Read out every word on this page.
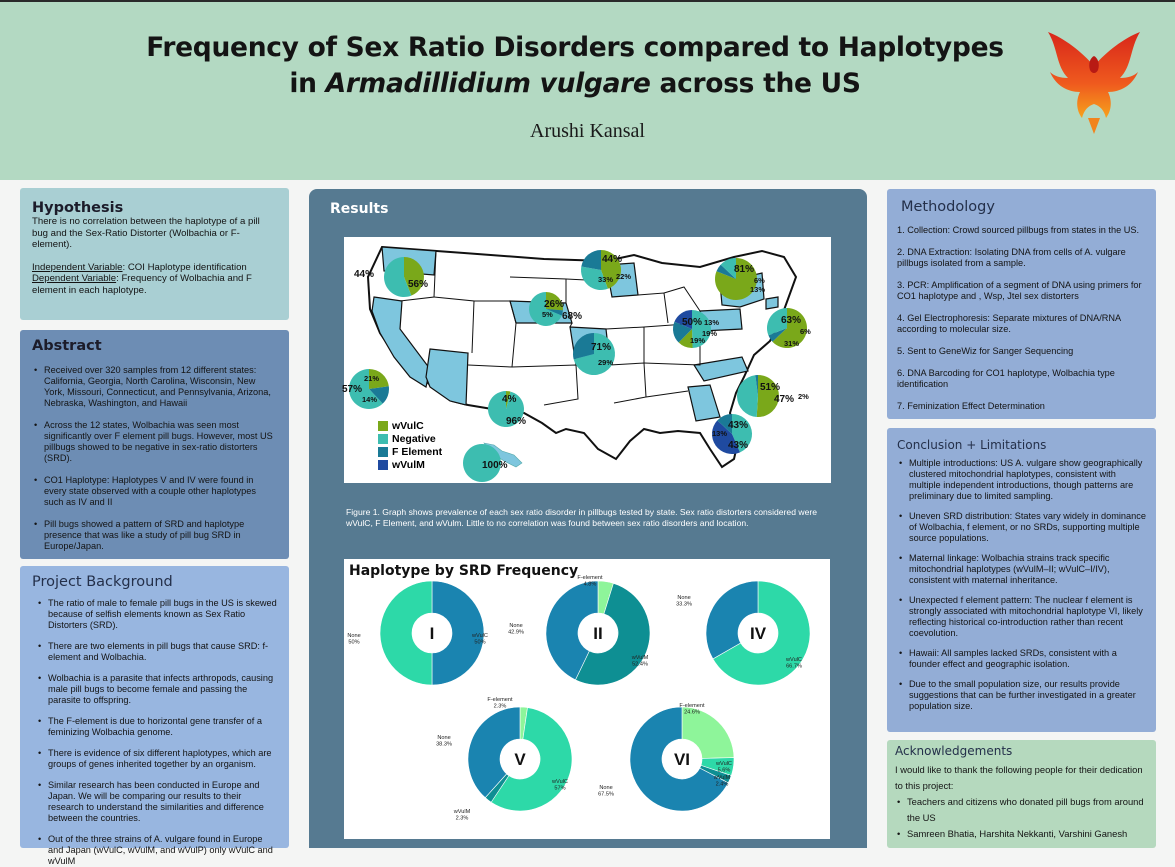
Frequency of Sex Ratio Disorders compared to Haplotypes
in Armadillidium vulgare across the US
Arushi Kansal
Hypothesis
There is no correlation between the haplotype of a pill bug and the Sex-Ratio Distorter (Wolbachia or F-element).
Independent Variable: COI Haplotype identification
Dependent Variable: Frequency of Wolbachia and F element in each haplotype.
Abstract
• Received over 320 samples from 12 different states: California, Georgia, North Carolina, Wisconsin, New York, Missouri, Connecticut, and Pennsylvania, Arizona, Nebraska, Washington, and Hawaii
• Across the 12 states, Wolbachia was seen most significantly over F element pill bugs. However, most US pillbugs showed to be negative in sex-ratio distorters (SRD).
• CO1 Haplotype: Haplotypes V and IV were found in every state observed with a couple other haplotypes such as IV and II
• Pill bugs showed a pattern of SRD and haplotype presence that was like a study of pill bug SRD in Europe/Japan.
Project Background
• The ratio of male to female pill bugs in the US is skewed because of selfish elements known as Sex Ratio Distorters (SRD).
• There are two elements in pill bugs that cause SRD: f-element and Wolbachia.
• Wolbachia is a parasite that infects arthropods, causing male pill bugs to become female and passing the parasite to offspring.
• The F-element is due to horizontal gene transfer of a feminizing Wolbachia genome.
• There is evidence of six different haplotypes, which are groups of genes inherited together by an organism.
• Similar research has been conducted in Europe and Japan. We will be comparing our results to their research to understand the similarities and difference between the countries.
• Out of the three strains of A. vulgare found in Europe and Japan (wVulC, wVulM, and wVulP) only wVulC and wVulM
Results
44%
56%
44%
33% 22%
81%
6%
13%
26%
5% 68%
50% 13%
19%
19%
63%
6%
31%
71%
29%
57%
21%
14%	4%
96%
51%
47% 2%
43%
43%
13%
100%
wVulC
Negative
F Element
wVulM
Figure 1. Graph shows prevalence of each sex ratio disorder in pillbugs tested by state. Sex ratio distorters considered were wVulC, F Element, and wVulm. Little to no correlation was found between sex ratio disorders and location.
Haplotype by SRD Frequency
I
None 50%
wVulC 50%	II
F-element 4.8%
wVulM 52.4%
None 42.9%	IV
wVulC 66.7%
None 33.3%
V
F-element 2.3%
wVulC 57%
wVulM 2.3%
None 38.3%
VI
F-element 24.6%
wVulC 5.6%
wVulM 2.4%
None 67.5%
Methodology
1. Collection: Crowd sourced pillbugs from states in the US.
2. DNA Extraction: Isolating DNA from cells of A. vulgare pillbugs isolated from a sample.
3. PCR: Amplification of a segment of DNA using primers for CO1 haplotype and , Wsp, Jtel sex distorters
4. Gel Electrophoresis: Separate mixtures of DNA/RNA according to molecular size.
5. Sent to GeneWiz for Sanger Sequencing
6. DNA Barcoding for CO1 haplotype, Wolbachia type identification
7. Feminization Effect Determination
Conclusion + Limitations
• Multiple introductions: US A. vulgare show geographically clustered mitochondrial haplotypes, consistent with multiple independent introductions, though patterns are preliminary due to limited sampling.
• Uneven SRD distribution: States vary widely in dominance of Wolbachia, f element, or no SRDs, supporting multiple source populations.
• Maternal linkage: Wolbachia strains track specific mitochondrial haplotypes (wVulM–II; wVulC–I/IV), consistent with maternal inheritance.
• Unexpected f element pattern: The nuclear f element is strongly associated with mitochondrial haplotype VI, likely reflecting historical co-introduction rather than recent coevolution.
• Hawaii: All samples lacked SRDs, consistent with a founder effect and geographic isolation.
• Due to the small population size, our results provide suggestions that can be further investigated in a greater population size.
Acknowledgements
I would like to thank the following people for their dedication to this project:
• Teachers and citizens who donated pill bugs from around the US
• Samreen Bhatia, Harshita Nekkanti, Varshini Ganesh
